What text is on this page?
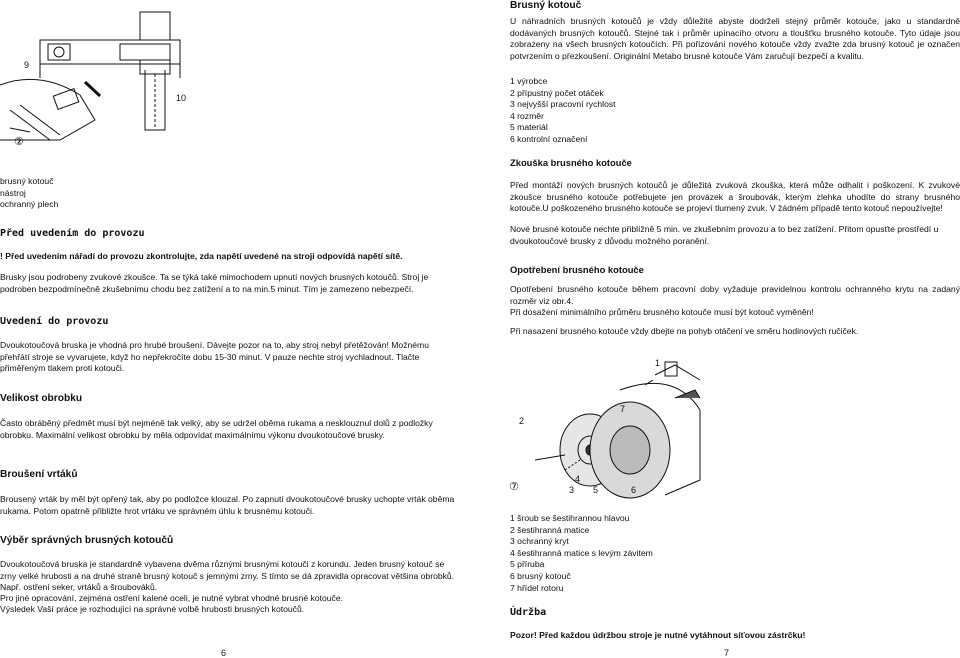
9
10
②
brusný kotouč
nástroj
ochranný plech
Před uvedením do provozu

! Před uvedením nářadí do provozu zkontrolujte, zda napětí uvedené na stroji odpovídá napětí sítě.

Brusky jsou podrobeny zvukové zkoušce. Ta se týká také mimochodem upnutí nových brusných kotoučů. Stroj je podroben bezpodmínečně zkušebnímu chodu bez zatížení a to na min.5 minut. Tím je zamezeno nebezpečí.

Uvedení do provozu

Dvoukotoučová bruska je vhodná pro hrubé broušení. Dávejte pozor na to, aby stroj nebyl přetěžován! Možnému přehřátí stroje se vyvarujete, když ho nepřekročíte dobu 15-30 minut. V pauze nechte stroj vychladnout. Tlačte přiměřeným tlakem proti kotouči.

Velikost obrobku

Často obráběný předmět musí být nejméně tak velký, aby se udržel oběma rukama a nesklouznul dolů z podložky obrobku. Maximální velikost obrobku by měla odpovídat maximálnímu výkonu dvoukotoučové brusky.

Broušení vrtáků

Brousený vrták by měl být opřený tak, aby po podložce klouzal. Po zapnutí dvoukotoučové brusky uchopte vrták oběma rukama. Potom opatrně přibližte hrot vrtáku ve správném úhlu k brusnému kotouči.

Výběr správných brusných kotoučů

Dvoukotoučová bruska je standardně vybavena dvěma různými brusnými kotouči z korundu. Jeden brusný kotouč se zrny velké hrubosti a na druhé straně brusný kotouč s jemnými zrny. S tímto se dá zpravidla opracovat většina obrobků. Např. ostření seker, vrtáků a šroubováků.

Pro jiné opracování, zejména ostření kalené oceli, je nutné vybrat vhodné brusné kotouče.

Výsledek Vaší práce je rozhodující na správné volbě hrubosti brusných kotoučů.

6
Brusný kotouč

U náhradních brusných kotoučů je vždy důležité abyste dodrželi stejný průměr kotouče, jako u standardně dodávaných brusných kotoučů. Stejné tak i průměr upínacího otvoru a tloušťku brusného kotouče. Tyto údaje jsou zobrazeny na všech brusných kotoučích. Při pořizování nového kotouče vždy zvažte zda brusný kotouč je označen potvrzením o přezkoušení. Originální Metabo brusné kotouče Vám zaručují bezpečí a kvalitu.

1 výrobce
2 přípustný počet otáček
3 nejvyšší pracovní rychlost
4 rozměr
5 materiál
6 kontrolní označení
Zkouška brusného kotouče

Před montáží nových brusných kotoučů je důležitá zvuková zkouška, která může odhalit i poškození. K zvukové zkoušce brusného kotouče potřebujete jen provázek a šroubovák, kterým zlehka uhodíte do strany brusného kotouče.U poškozeného brusného kotouče se projeví tlumený zvuk. V žádném případě tento kotouč nepoužívejte!

Nové brusné kotouče nechte přiblížně 5 min. ve zkušebním provozu a to bez zatížení. Přitom opusťte prostředí u dvoukotoučové brusky z důvodu možného poranění.

Opotřebení brusného kotouče

Opotřebení brusného kotouče během pracovní doby vyžaduje pravidelnou kontrolu ochranného krytu na zadaný rozměr viz obr.4.

Při dosažení minimálního průměru brusného kotouče musí být kotouč vyměněn!

Při nasazení brusného kotouče vždy dbejte na pohyb otáčení ve směru hodinových ručiček.

1
7
2
⑦
4
3 5	6
1 šroub se šestihrannou hlavou
2 šestihranná matice
3 ochranný kryt
4 šestihranná matice s levým závitem
5 příruba
6 brusný kotouč
7 hřídel rotoru
Údržba

Pozor! Před každou údržbou stroje je nutné vytáhnout síťovou zástrčku!

7
